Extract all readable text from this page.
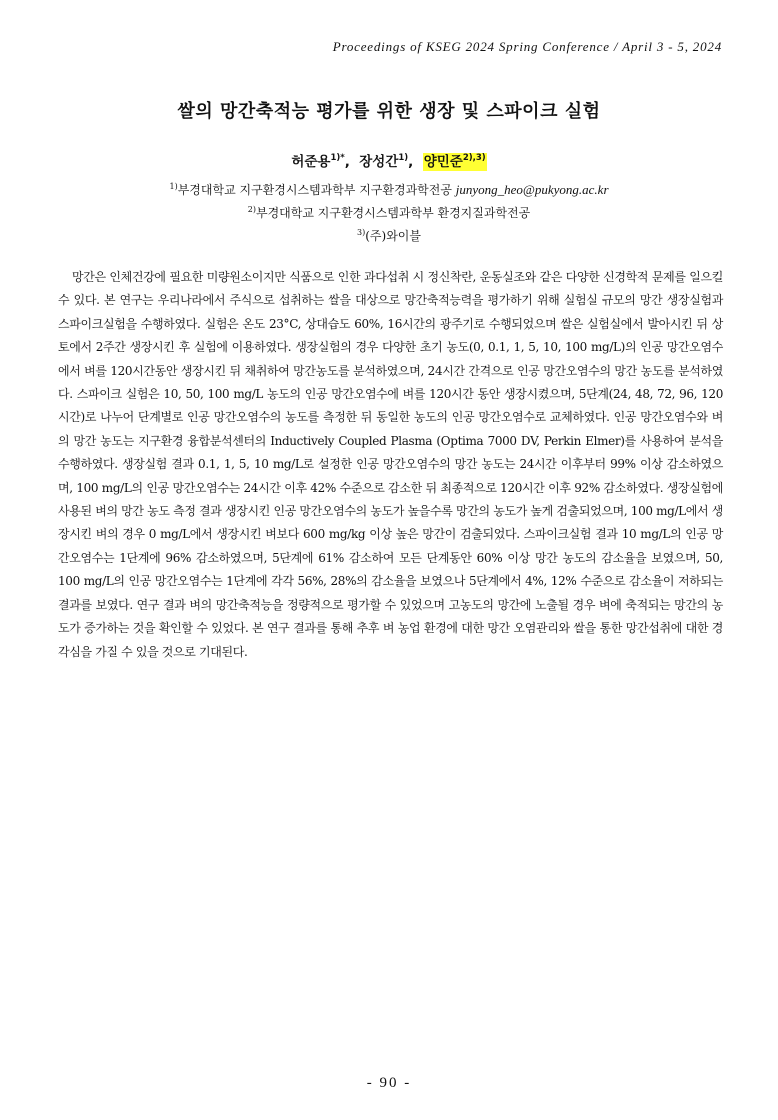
Proceedings of KSEG 2024 Spring Conference / April 3 - 5, 2024
쌀의 망간축적능 평가를 위한 생장 및 스파이크 실험
허준용$^{1)*}$,  장성간$^{1)}$,  양민준$^{2),3)}$
$^{1)}$부경대학교 지구환경시스템과학부 지구환경과학전공 junyong_heo@pukyong.ac.kr
$^{2)}$부경대학교 지구환경시스템과학부 환경지질과학전공
$^{3)}$(주)와이블

망간은 인체건강에 필요한 미량원소이지만 식품으로 인한 과다섭취 시 정신착란, 운동실조와 같은 다양한 신경학적 문제를 일으킬 수 있다. 본 연구는 우리나라에서 주식으로 섭취하는 쌀을 대상으로 망간축적능력을 평가하기 위해 실험실 규모의 망간 생장실험과 스파이크실험을 수행하였다. 실험은 온도 23°C, 상대습도 60%, 16시간의 광주기로 수행되었으며 쌀은 실험실에서 발아시킨 뒤 상토에서 2주간 생장시킨 후 실험에 이용하였다. 생장실험의 경우 다양한 초기 농도(0, 0.1, 1, 5, 10, 100 mg/L)의 인공 망간오염수에서 벼를 120시간동안 생장시킨 뒤 채취하여 망간농도를 분석하였으며, 24시간 간격으로 인공 망간오염수의 망간 농도를 분석하였다. 스파이크 실험은 10, 50, 100 mg/L 농도의 인공 망간오염수에 벼를 120시간 동안 생장시켰으며, 5단계(24, 48, 72, 96, 120시간)로 나누어 단계별로 인공 망간오염수의 농도를 측정한 뒤 동일한 농도의 인공 망간오염수로 교체하였다. 인공 망간오염수와 벼의 망간 농도는 지구환경 융합분석센터의 Inductively Coupled Plasma (Optima 7000 DV, Perkin Elmer)를 사용하여 분석을 수행하였다. 생장실험 결과 0.1, 1, 5, 10 mg/L로 설정한 인공 망간오염수의 망간 농도는 24시간 이후부터 99% 이상 감소하였으며, 100 mg/L의 인공 망간오염수는 24시간 이후 42% 수준으로 감소한 뒤 최종적으로 120시간 이후 92% 감소하였다. 생장실험에 사용된 벼의 망간 농도 측정 결과 생장시킨 인공 망간오염수의 농도가 높을수록 망간의 농도가 높게 검출되었으며, 100 mg/L에서 생장시킨 벼의 경우 0 mg/L에서 생장시킨 벼보다 600 mg/kg 이상 높은 망간이 검출되었다. 스파이크실험 결과 10 mg/L의 인공 망간오염수는 1단계에 96% 감소하였으며, 5단계에 61% 감소하여 모든 단계동안 60% 이상 망간 농도의 감소율을 보였으며, 50, 100 mg/L의 인공 망간오염수는 1단계에 각각 56%, 28%의 감소율을 보였으나 5단계에서 4%, 12% 수준으로 감소율이 저하되는 결과를 보였다. 연구 결과 벼의 망간축적능을 정량적으로 평가할 수 있었으며 고농도의 망간에 노출될 경우 벼에 축적되는 망간의 농도가 증가하는 것을 확인할 수 있었다. 본 연구 결과를 통해 추후 벼 농업 환경에 대한 망간 오염관리와 쌀을 통한 망간섭취에 대한 경각심을 가질 수 있을 것으로 기대된다.

- 90 -
